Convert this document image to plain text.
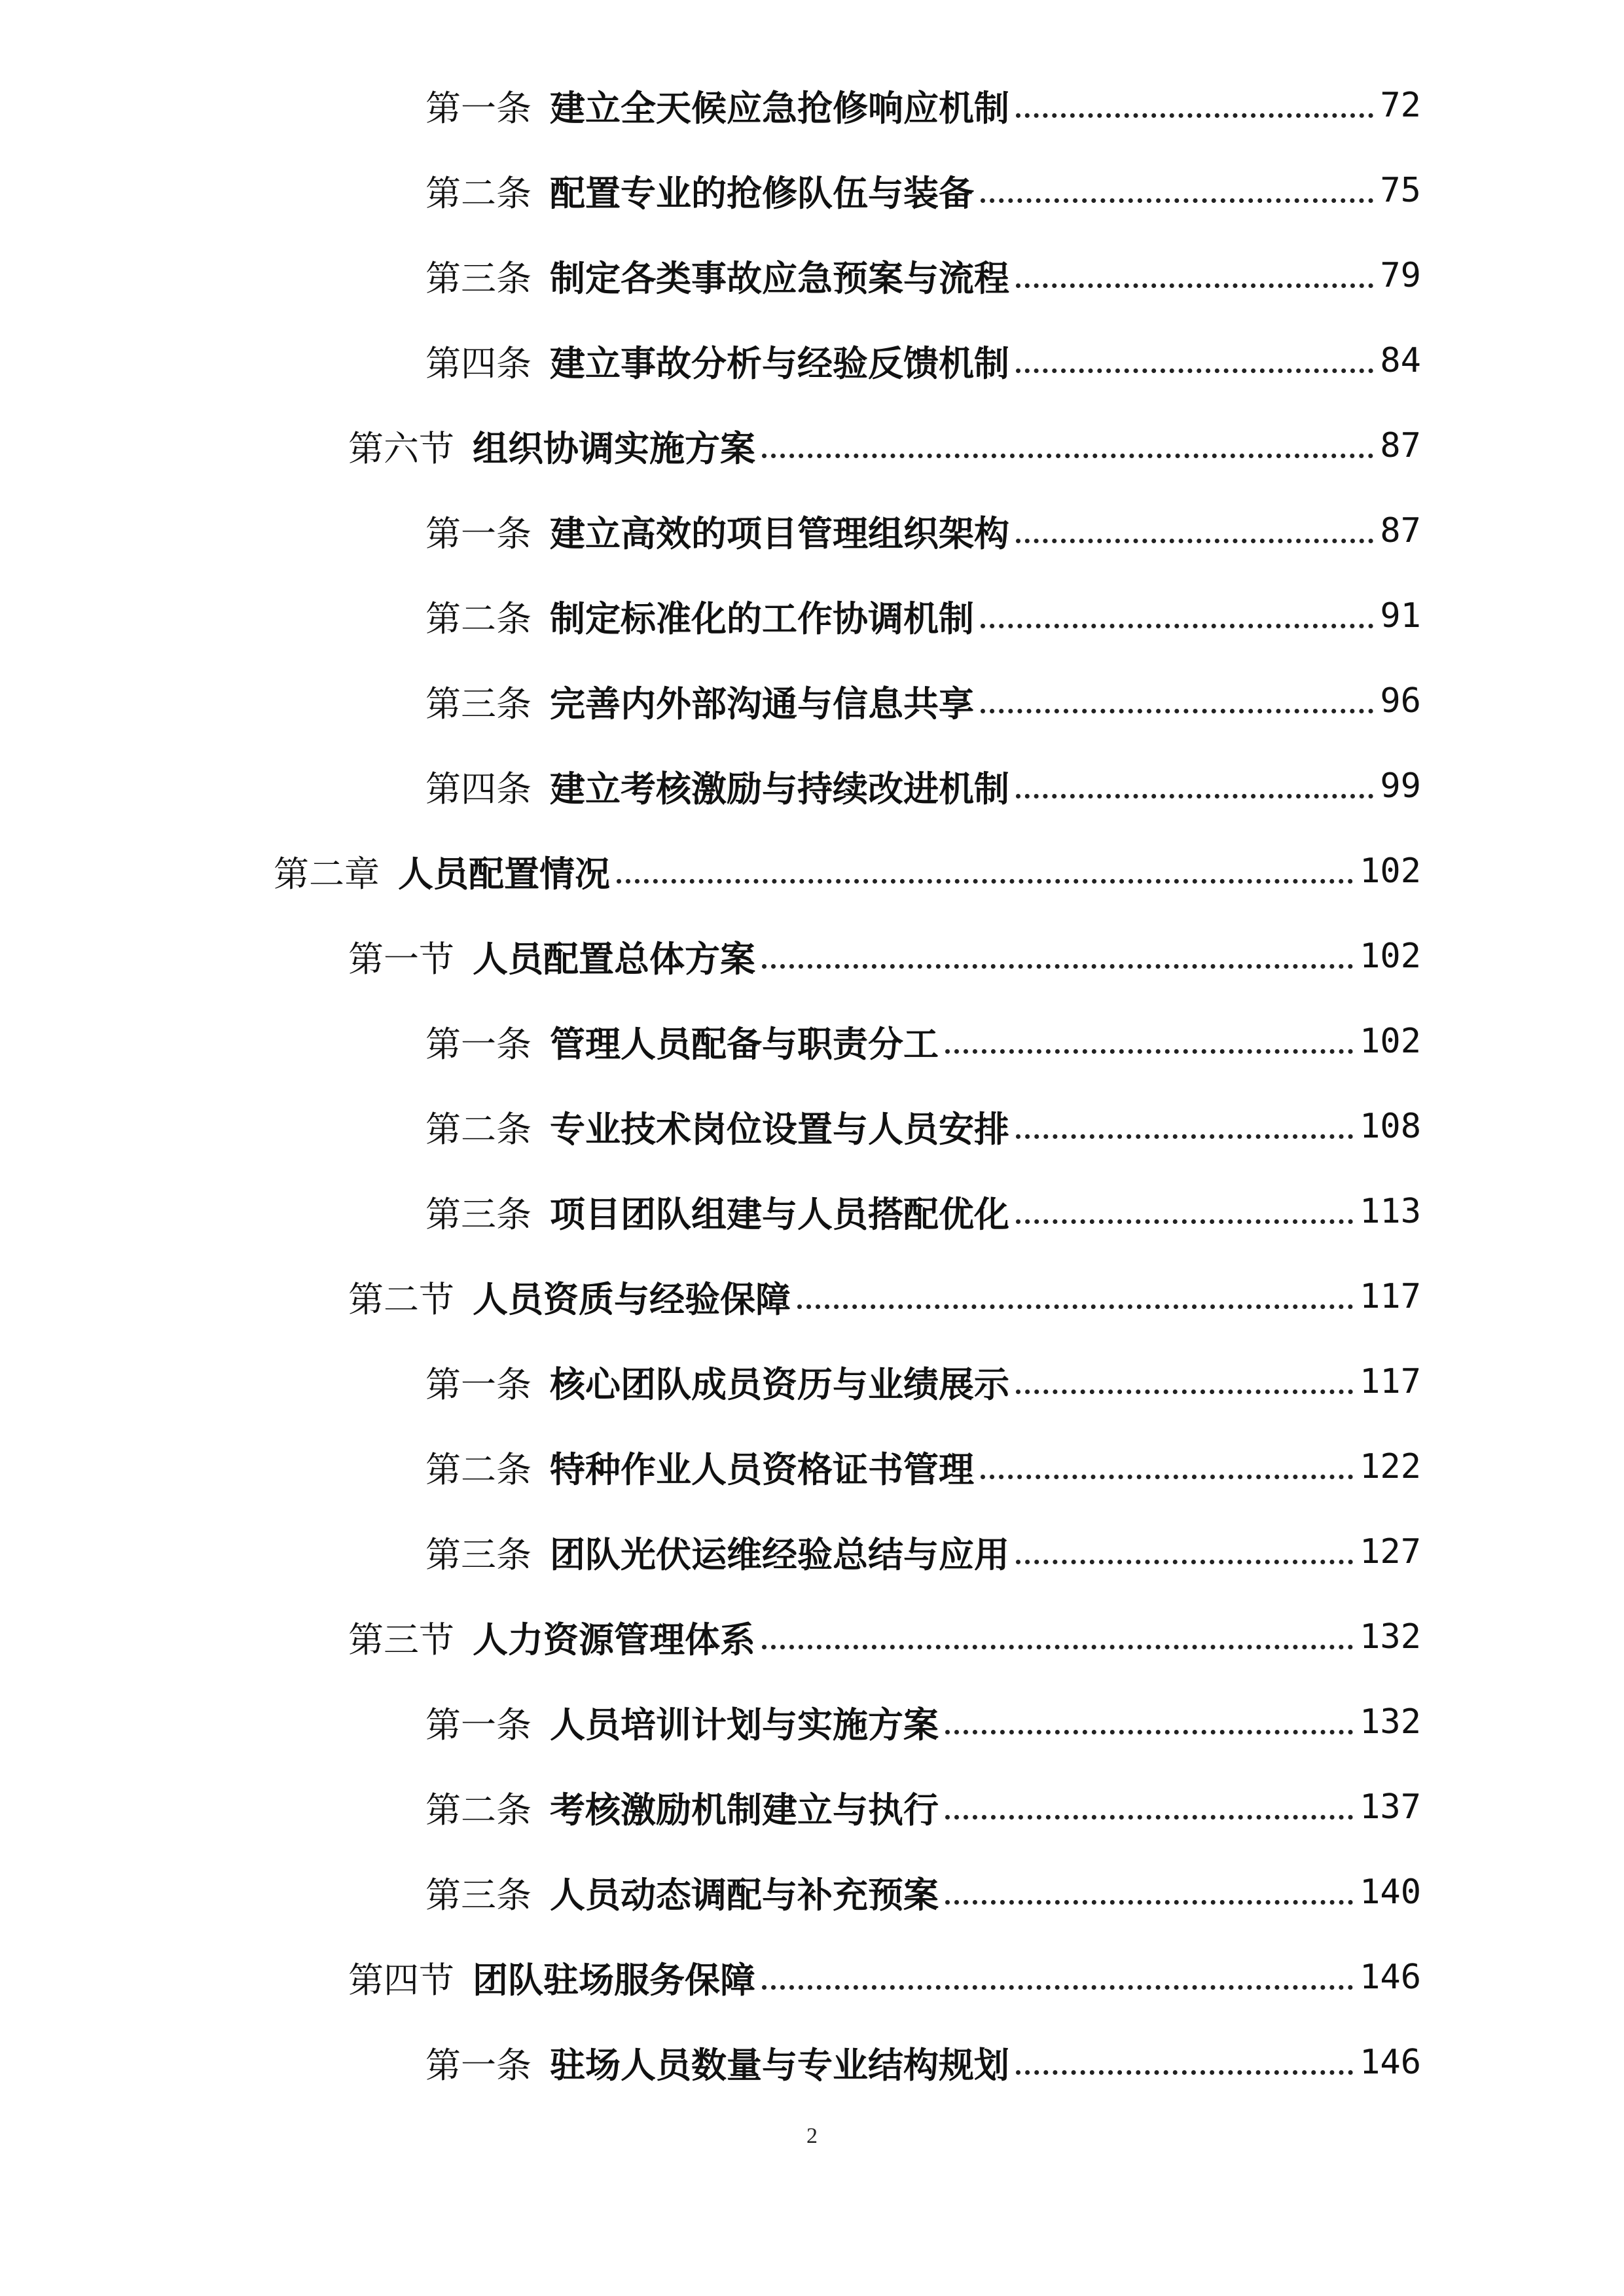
第一条 建立全天候应急抢修响应机制	72
第二条 配置专业的抢修队伍与装备	75
第三条 制定各类事故应急预案与流程	79
第四条 建立事故分析与经验反馈机制	84
第六节 组织协调实施方案	87
第一条 建立高效的项目管理组织架构	87
第二条 制定标准化的工作协调机制	91
第三条 完善内外部沟通与信息共享	96
第四条 建立考核激励与持续改进机制	99
第二章 人员配置情况	102
第一节 人员配置总体方案	102
第一条 管理人员配备与职责分工	102
第二条 专业技术岗位设置与人员安排	108
第三条 项目团队组建与人员搭配优化	113
第二节 人员资质与经验保障	117
第一条 核心团队成员资历与业绩展示	117
第二条 特种作业人员资格证书管理	122
第三条 团队光伏运维经验总结与应用	127
第三节 人力资源管理体系	132
第一条 人员培训计划与实施方案	132
第二条 考核激励机制建立与执行	137
第三条 人员动态调配与补充预案	140
第四节 团队驻场服务保障	146
第一条 驻场人员数量与专业结构规划	146
2
